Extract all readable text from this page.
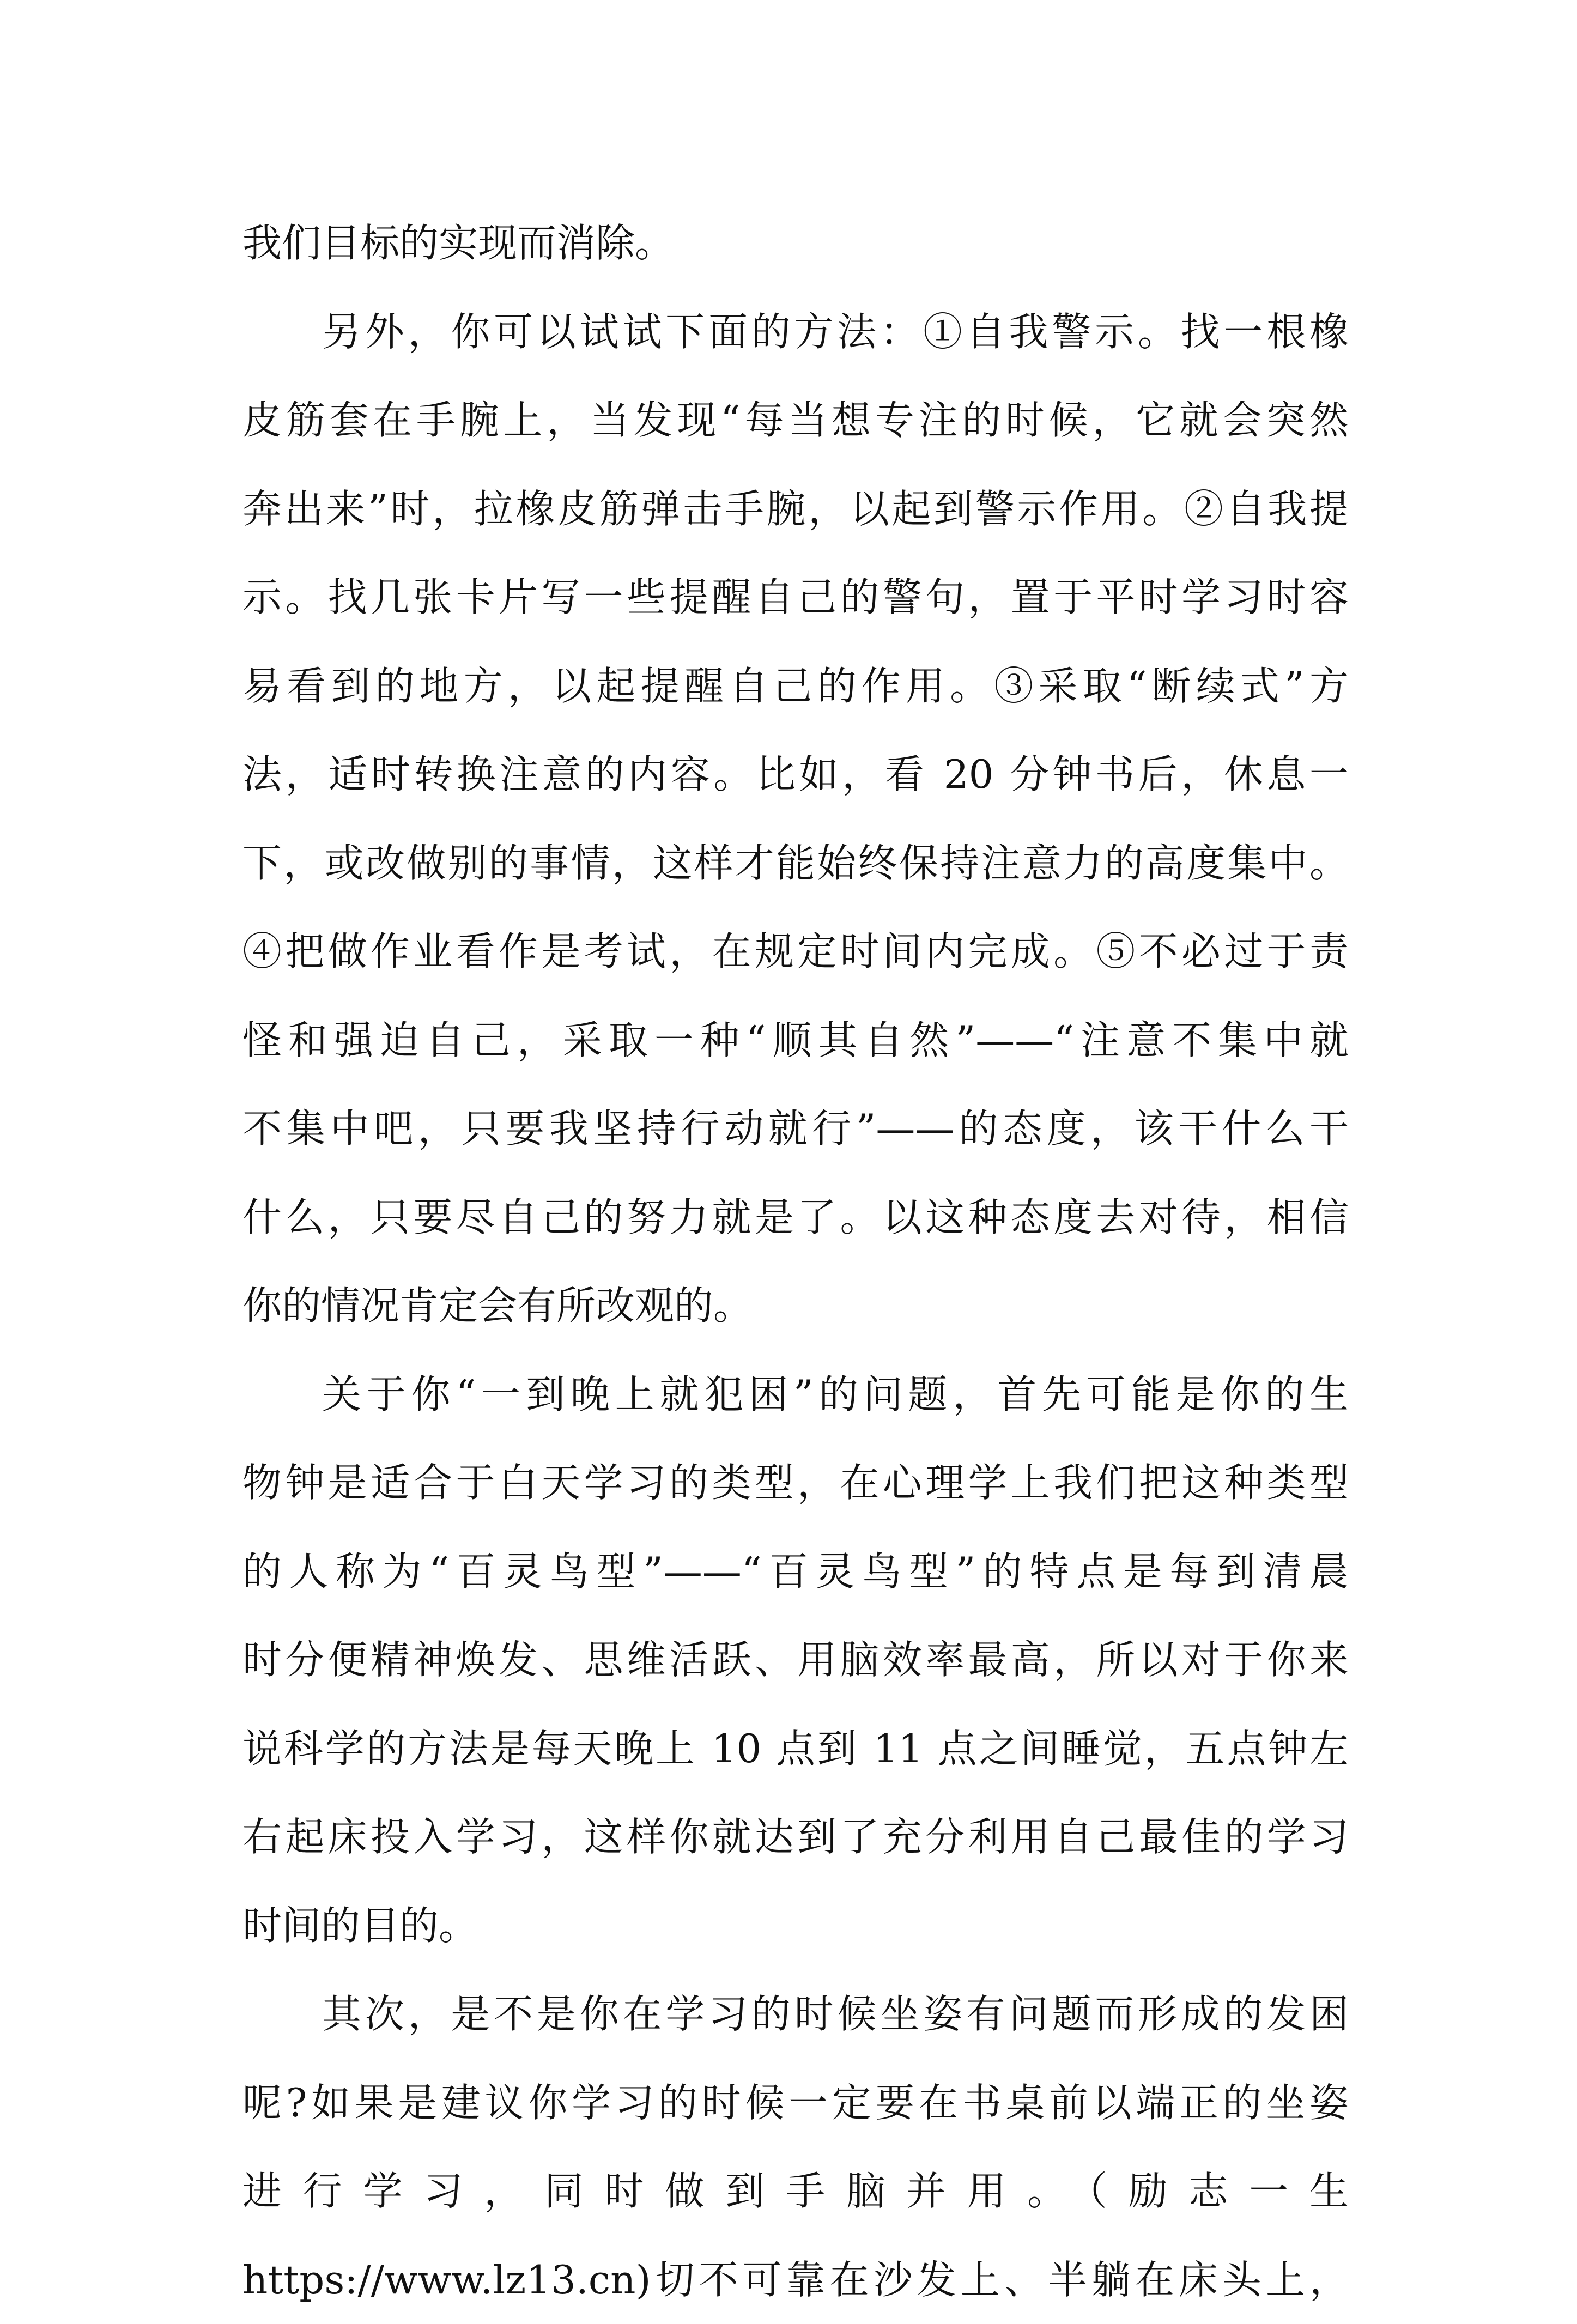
我们目标的实现而消除。
另外，你可以试试下面的方法：①自我警示。找一根橡
皮筋套在手腕上，当发现“每当想专注的时候，它就会突然
奔出来”时，拉橡皮筋弹击手腕，以起到警示作用。②自我提
示。找几张卡片写一些提醒自己的警句，置于平时学习时容
易看到的地方，以起提醒自己的作用。③采取“断续式”方
法，适时转换注意的内容。比如，看 20 分钟书后，休息一
下，或改做别的事情，这样才能始终保持注意力的高度集中。
④把做作业看作是考试，在规定时间内完成。⑤不必过于责
怪和强迫自己，采取一种“顺其自然”——“注意不集中就
不集中吧，只要我坚持行动就行”——的态度，该干什么干
什么，只要尽自己的努力就是了。以这种态度去对待，相信
你的情况肯定会有所改观的。
关于你“一到晚上就犯困”的问题，首先可能是你的生
物钟是适合于白天学习的类型，在心理学上我们把这种类型
的人称为“百灵鸟型”——“百灵鸟型”的特点是每到清晨
时分便精神焕发、思维活跃、用脑效率最高，所以对于你来
说科学的方法是每天晚上 10 点到 11 点之间睡觉，五点钟左
右起床投入学习，这样你就达到了充分利用自己最佳的学习
时间的目的。
其次，是不是你在学习的时候坐姿有问题而形成的发困
呢?如果是建议你学习的时候一定要在书桌前以端正的坐姿
进行学习，同时做到手脑并用。（励志一生
https://www.lz13.cn)切不可靠在沙发上、半躺在床头上，
